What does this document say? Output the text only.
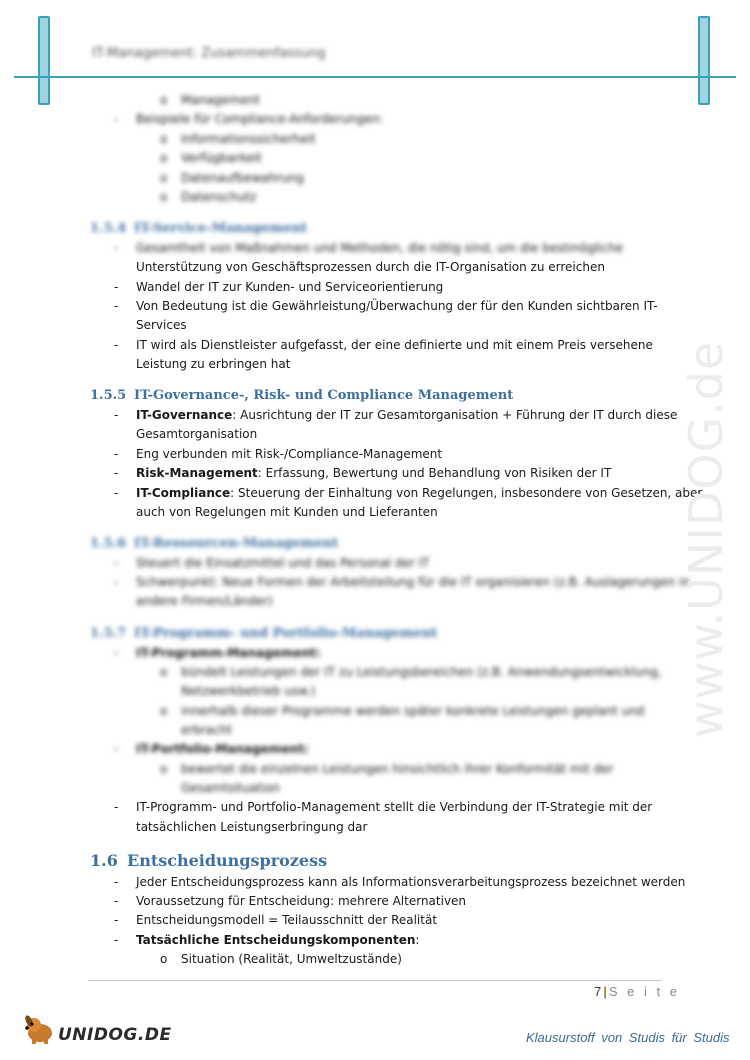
IT-Management: Zusammenfassung
o Management
- Beispiele für Compliance-Anforderungen:
o Informationssicherheit
o Verfügbarkeit
o Datenaufbewahrung
o Datenschutz
1.5.4 IT-Service-Management
- Gesamtheit von Maßnahmen und Methoden, die nötig sind, um die bestmögliche
Unterstützung von Geschäftsprozessen durch die IT-Organisation zu erreichen
- Wandel der IT zur Kunden- und Serviceorientierung
- Von Bedeutung ist die Gewährleistung/Überwachung der für den Kunden sichtbaren IT-
Services
- IT wird als Dienstleister aufgefasst, der eine definierte und mit einem Preis versehene
Leistung zu erbringen hat
1.5.5 IT-Governance-, Risk- und Compliance Management
- IT-Governance: Ausrichtung der IT zur Gesamtorganisation + Führung der IT durch diese
Gesamtorganisation
- Eng verbunden mit Risk-/Compliance-Management
- Risk-Management: Erfassung, Bewertung und Behandlung von Risiken der IT
- IT-Compliance: Steuerung der Einhaltung von Regelungen, insbesondere von Gesetzen, aber
auch von Regelungen mit Kunden und Lieferanten
1.5.6 IT-Ressourcen-Management
- Steuert die Einsatzmittel und das Personal der IT
- Schwerpunkt: Neue Formen der Arbeitsteilung für die IT organisieren (z.B. Auslagerungen in
andere Firmen/Länder)
1.5.7 IT-Programm- und Portfolio-Management
- IT-Programm-Management:
o bündelt Leistungen der IT zu Leistungsbereichen (z.B. Anwendungsentwicklung,
Netzwerkbetrieb usw.)
o innerhalb dieser Programme werden später konkrete Leistungen geplant und
erbracht
- IT-Portfolio-Management:
o bewertet die einzelnen Leistungen hinsichtlich ihrer Konformität mit der
Gesamtsituation
- IT-Programm- und Portfolio-Management stellt die Verbindung der IT-Strategie mit der
tatsächlichen Leistungserbringung dar
1.6 Entscheidungsprozess
- Jeder Entscheidungsprozess kann als Informationsverarbeitungsprozess bezeichnet werden
- Voraussetzung für Entscheidung: mehrere Alternativen
- Entscheidungsmodell = Teilausschnitt der Realität
- Tatsächliche Entscheidungskomponenten:
o Situation (Realität, Umweltzustände)
www.UNIDOG.de
7 | S e i t e
UNIDOG.DE	Klausurstoff von Studis für Studis
